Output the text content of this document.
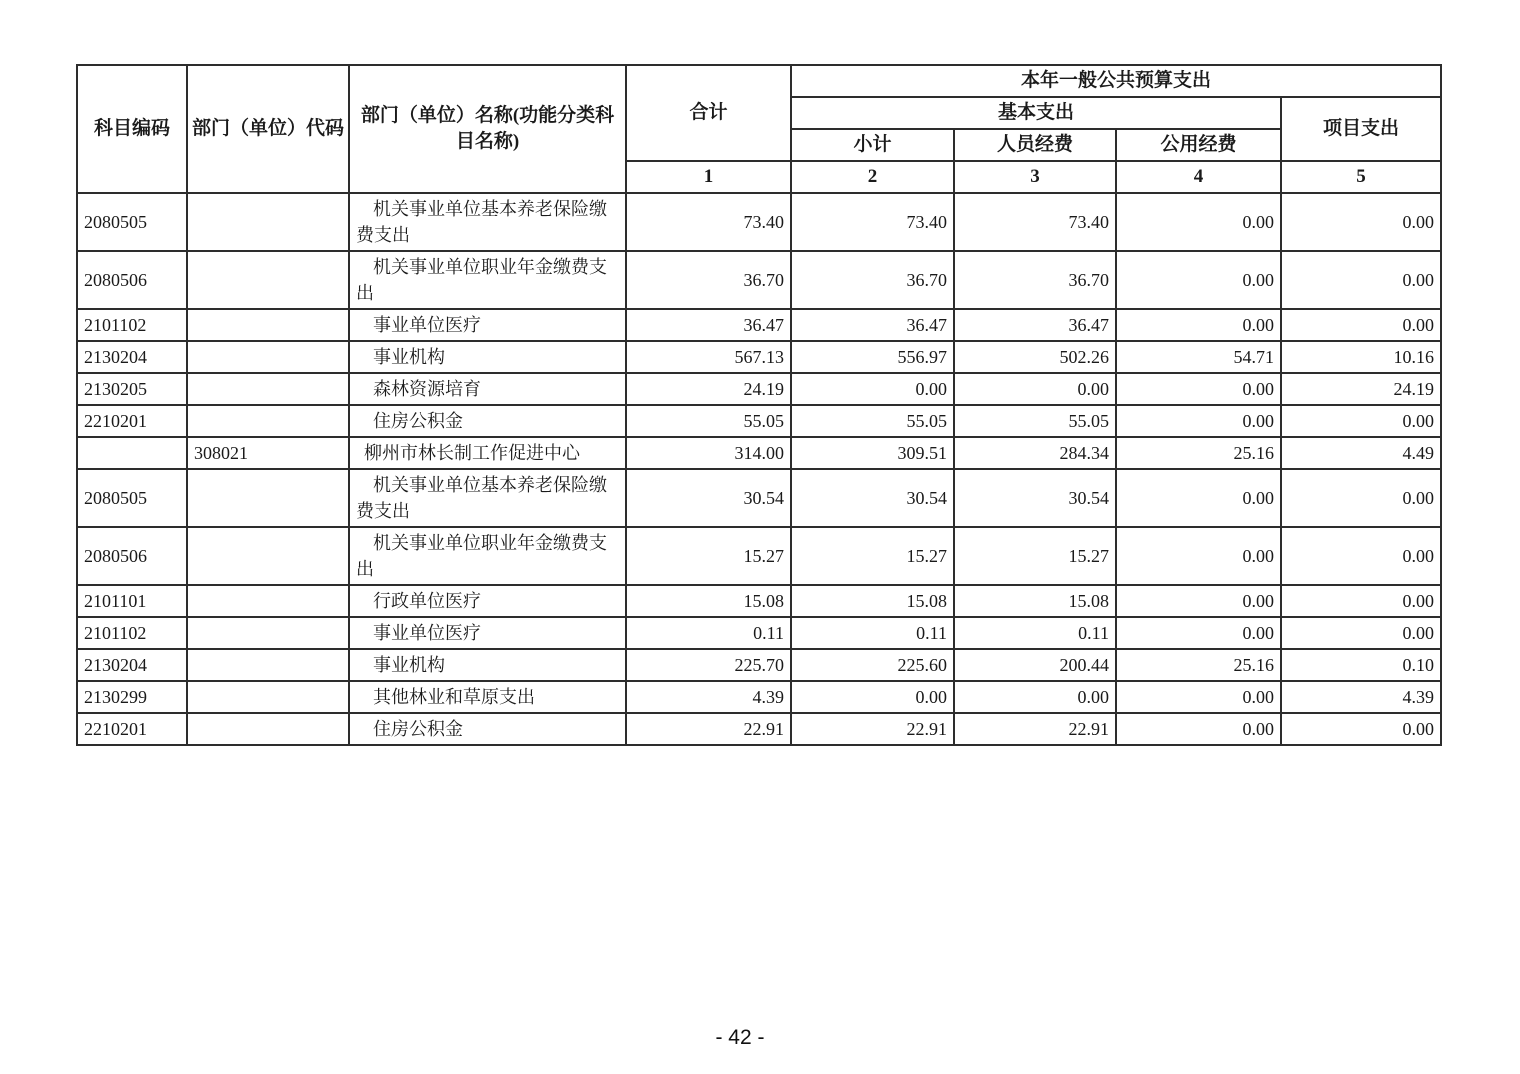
科目编码	部门（单位）代码	部门（单位）名称(功能分类科目名称)	合计	本年一般公共预算支出			
				基本支出			项目支出
				小计	人员经费	公用经费	
			1	2	3	4	5
2080505		机关事业单位基本养老保险缴费支出	73.40	73.40	73.40	0.00	0.00
2080506		机关事业单位职业年金缴费支出	36.70	36.70	36.70	0.00	0.00
2101102		事业单位医疗	36.47	36.47	36.47	0.00	0.00
2130204		事业机构	567.13	556.97	502.26	54.71	10.16
2130205		森林资源培育	24.19	0.00	0.00	0.00	24.19
2210201		住房公积金	55.05	55.05	55.05	0.00	0.00
	308021	柳州市林长制工作促进中心	314.00	309.51	284.34	25.16	4.49
2080505		机关事业单位基本养老保险缴费支出	30.54	30.54	30.54	0.00	0.00
2080506		机关事业单位职业年金缴费支出	15.27	15.27	15.27	0.00	0.00
2101101		行政单位医疗	15.08	15.08	15.08	0.00	0.00
2101102		事业单位医疗	0.11	0.11	0.11	0.00	0.00
2130204		事业机构	225.70	225.60	200.44	25.16	0.10
2130299		其他林业和草原支出	4.39	0.00	0.00	0.00	4.39
2210201		住房公积金	22.91	22.91	22.91	0.00	0.00
- 42 -
